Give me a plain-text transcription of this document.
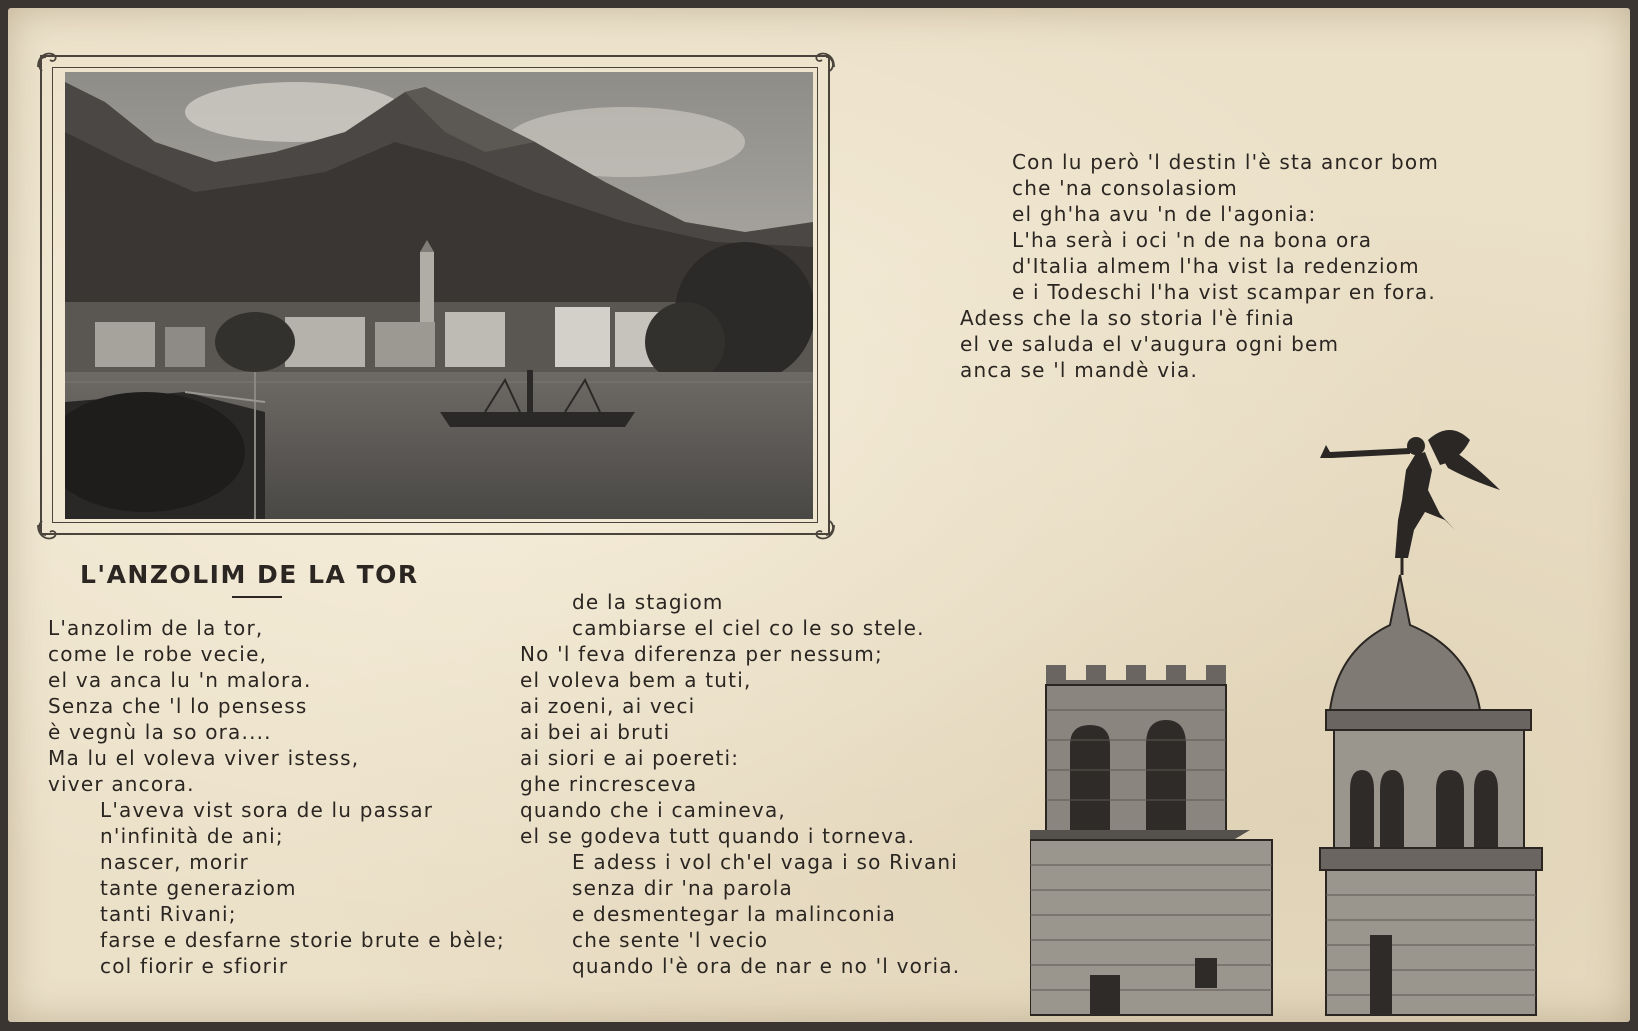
L'ANZOLIM DE LA TOR
Con lu però 'l destin l'è sta ancor bom
che 'na consolasiom
el gh'ha avu 'n de l'agonia:
L'ha serà i oci 'n de na bona ora
d'Italia almem l'ha vist la redenziom
e i Todeschi l'ha vist scampar en fora.
Adess che la so storia l'è finia
el ve saluda el v'augura ogni bem
anca se 'l mandè via.
L'anzolim de la tor,
come le robe vecie,
el va anca lu 'n malora.
Senza che 'l lo pensess
è vegnù la so ora....
Ma lu el voleva viver istess,
viver ancora.
L'aveva vist sora de lu passar
n'infinità de ani;
nascer, morir
tante generaziom
tanti Rivani;
farse e desfarne storie brute e bèle;
col fiorir e sfiorir
de la stagiom
cambiarse el ciel co le so stele.
No 'l feva diferenza per nessum;
el voleva bem a tuti,
ai zoeni, ai veci
ai bei ai bruti
ai siori e ai poereti:
ghe rincresceva
quando che i camineva,
el se godeva tutt quando i torneva.
E adess i vol ch'el vaga i so Rivani
senza dir 'na parola
e desmentegar la malinconia
che sente 'l vecio
quando l'è ora de nar e no 'l voria.
